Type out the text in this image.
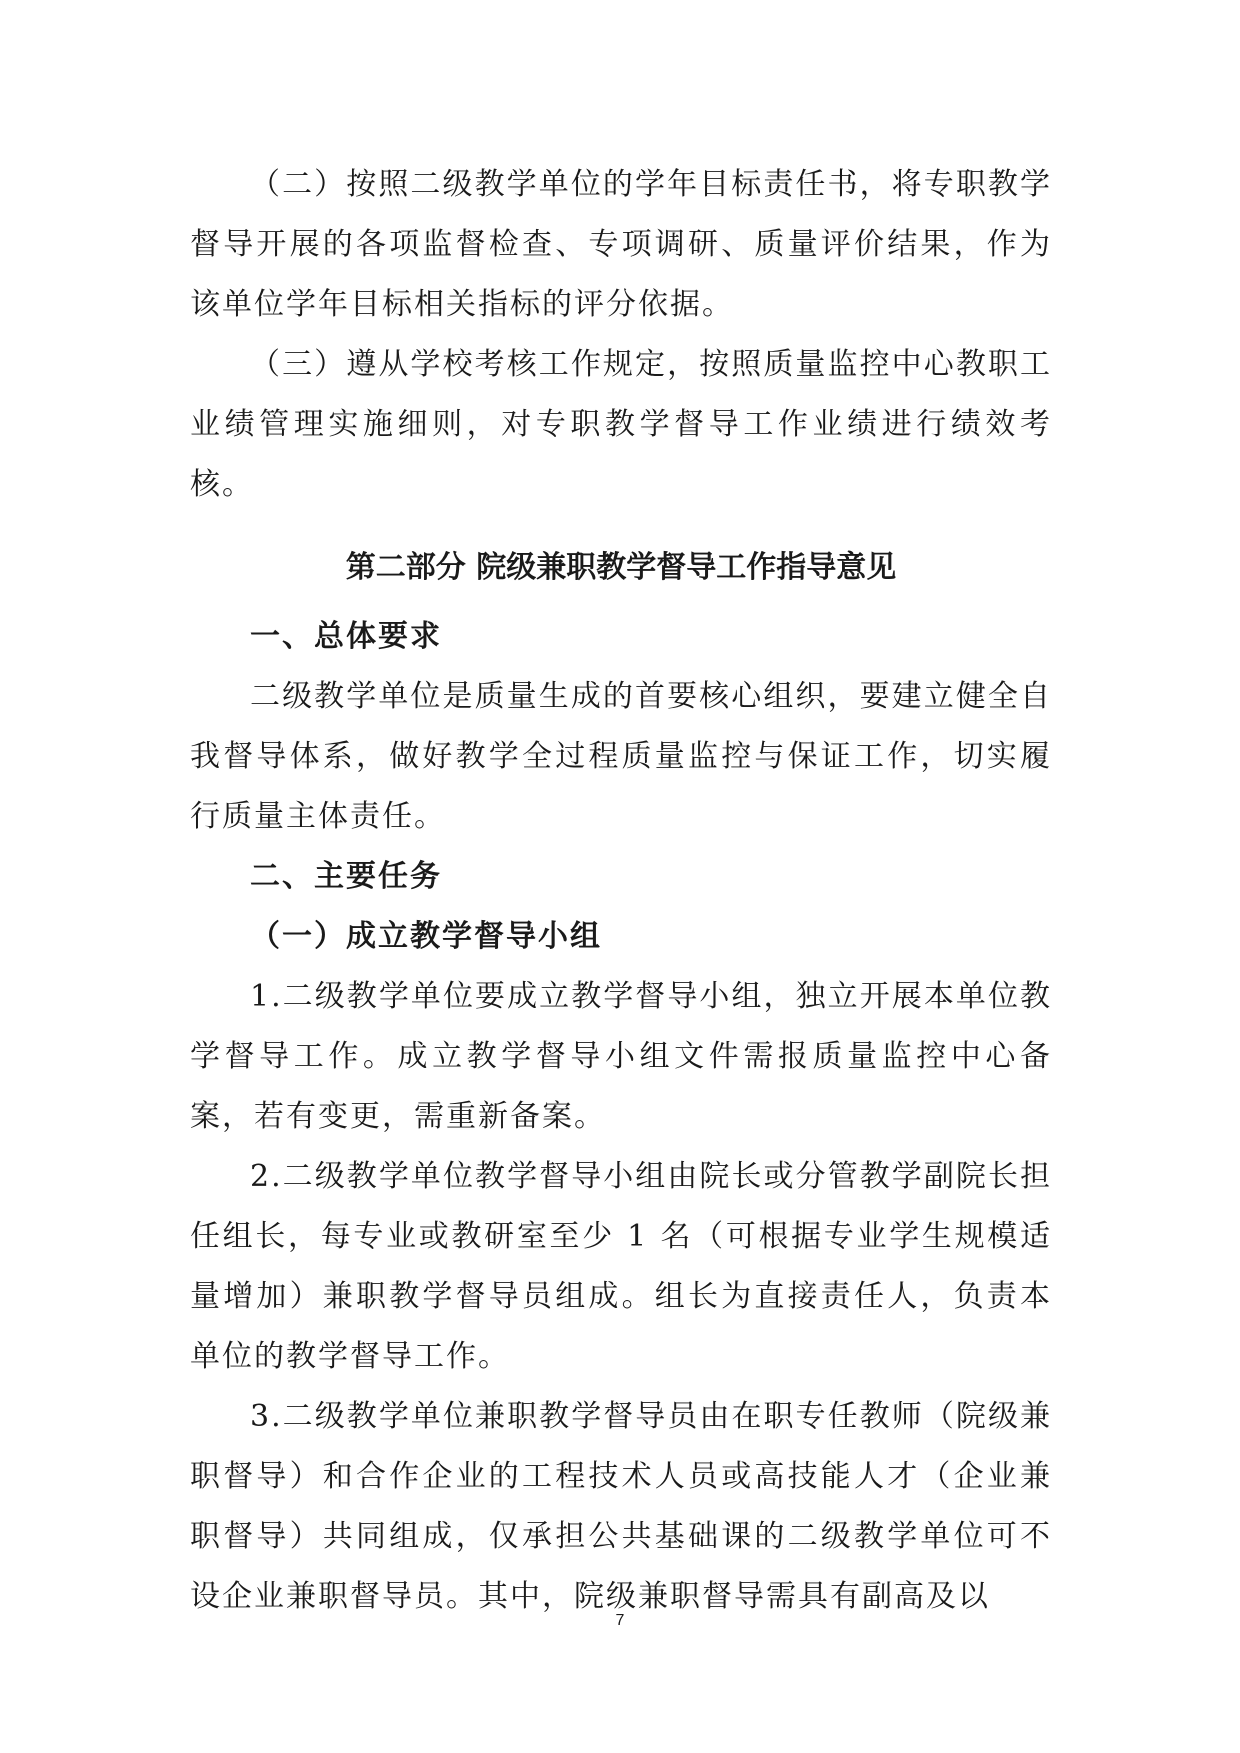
（二）按照二级教学单位的学年目标责任书，将专职教学督导开展的各项监督检查、专项调研、质量评价结果，作为该单位学年目标相关指标的评分依据。

（三）遵从学校考核工作规定，按照质量监控中心教职工业绩管理实施细则，对专职教学督导工作业绩进行绩效考核。

第二部分 院级兼职教学督导工作指导意见
一、总体要求

二级教学单位是质量生成的首要核心组织，要建立健全自我督导体系，做好教学全过程质量监控与保证工作，切实履行质量主体责任。

二、主要任务
（一）成立教学督导小组

1.二级教学单位要成立教学督导小组，独立开展本单位教学督导工作。成立教学督导小组文件需报质量监控中心备案，若有变更，需重新备案。

2.二级教学单位教学督导小组由院长或分管教学副院长担任组长，每专业或教研室至少 1 名（可根据专业学生规模适量增加）兼职教学督导员组成。组长为直接责任人，负责本单位的教学督导工作。

3.二级教学单位兼职教学督导员由在职专任教师（院级兼职督导）和合作企业的工程技术人员或高技能人才（企业兼职督导）共同组成，仅承担公共基础课的二级教学单位可不设企业兼职督导员。其中，院级兼职督导需具有副高及以

7
